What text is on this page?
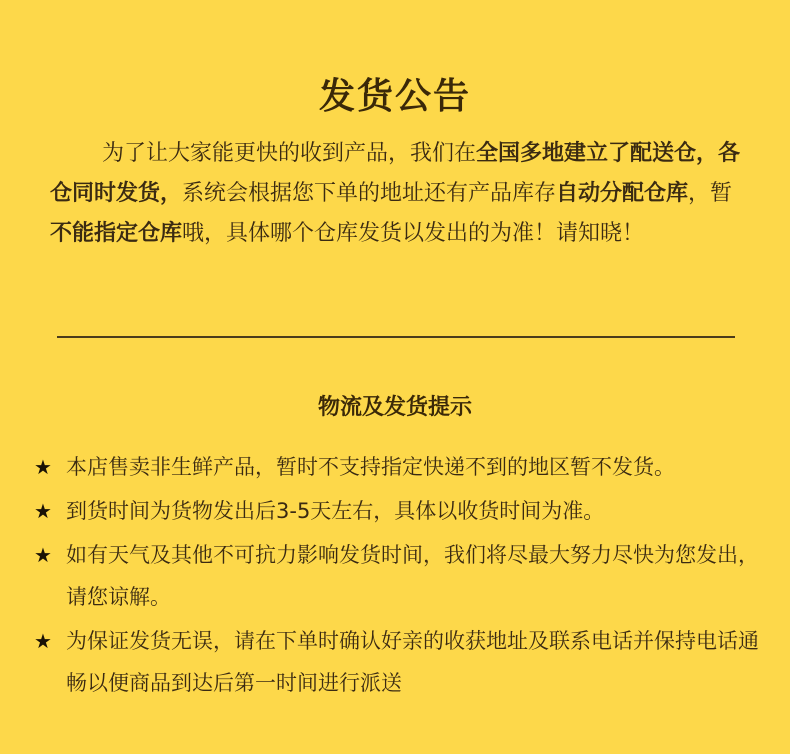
发货公告
为了让大家能更快的收到产品，我们在全国多地建立了配送仓，各仓同时发货，系统会根据您下单的地址还有产品库存自动分配仓库，暂不能指定仓库哦，具体哪个仓库发货以发出的为准！请知晓！
物流及发货提示
★ 本店售卖非生鲜产品，暂时不支持指定快递不到的地区暂不发货。
★ 到货时间为货物发出后3-5天左右，具体以收货时间为准。
★ 如有天气及其他不可抗力影响发货时间，我们将尽最大努力尽快为您发出，请您谅解。
★ 为保证发货无误，请在下单时确认好亲的收获地址及联系电话并保持电话通畅以便商品到达后第一时间进行派送
